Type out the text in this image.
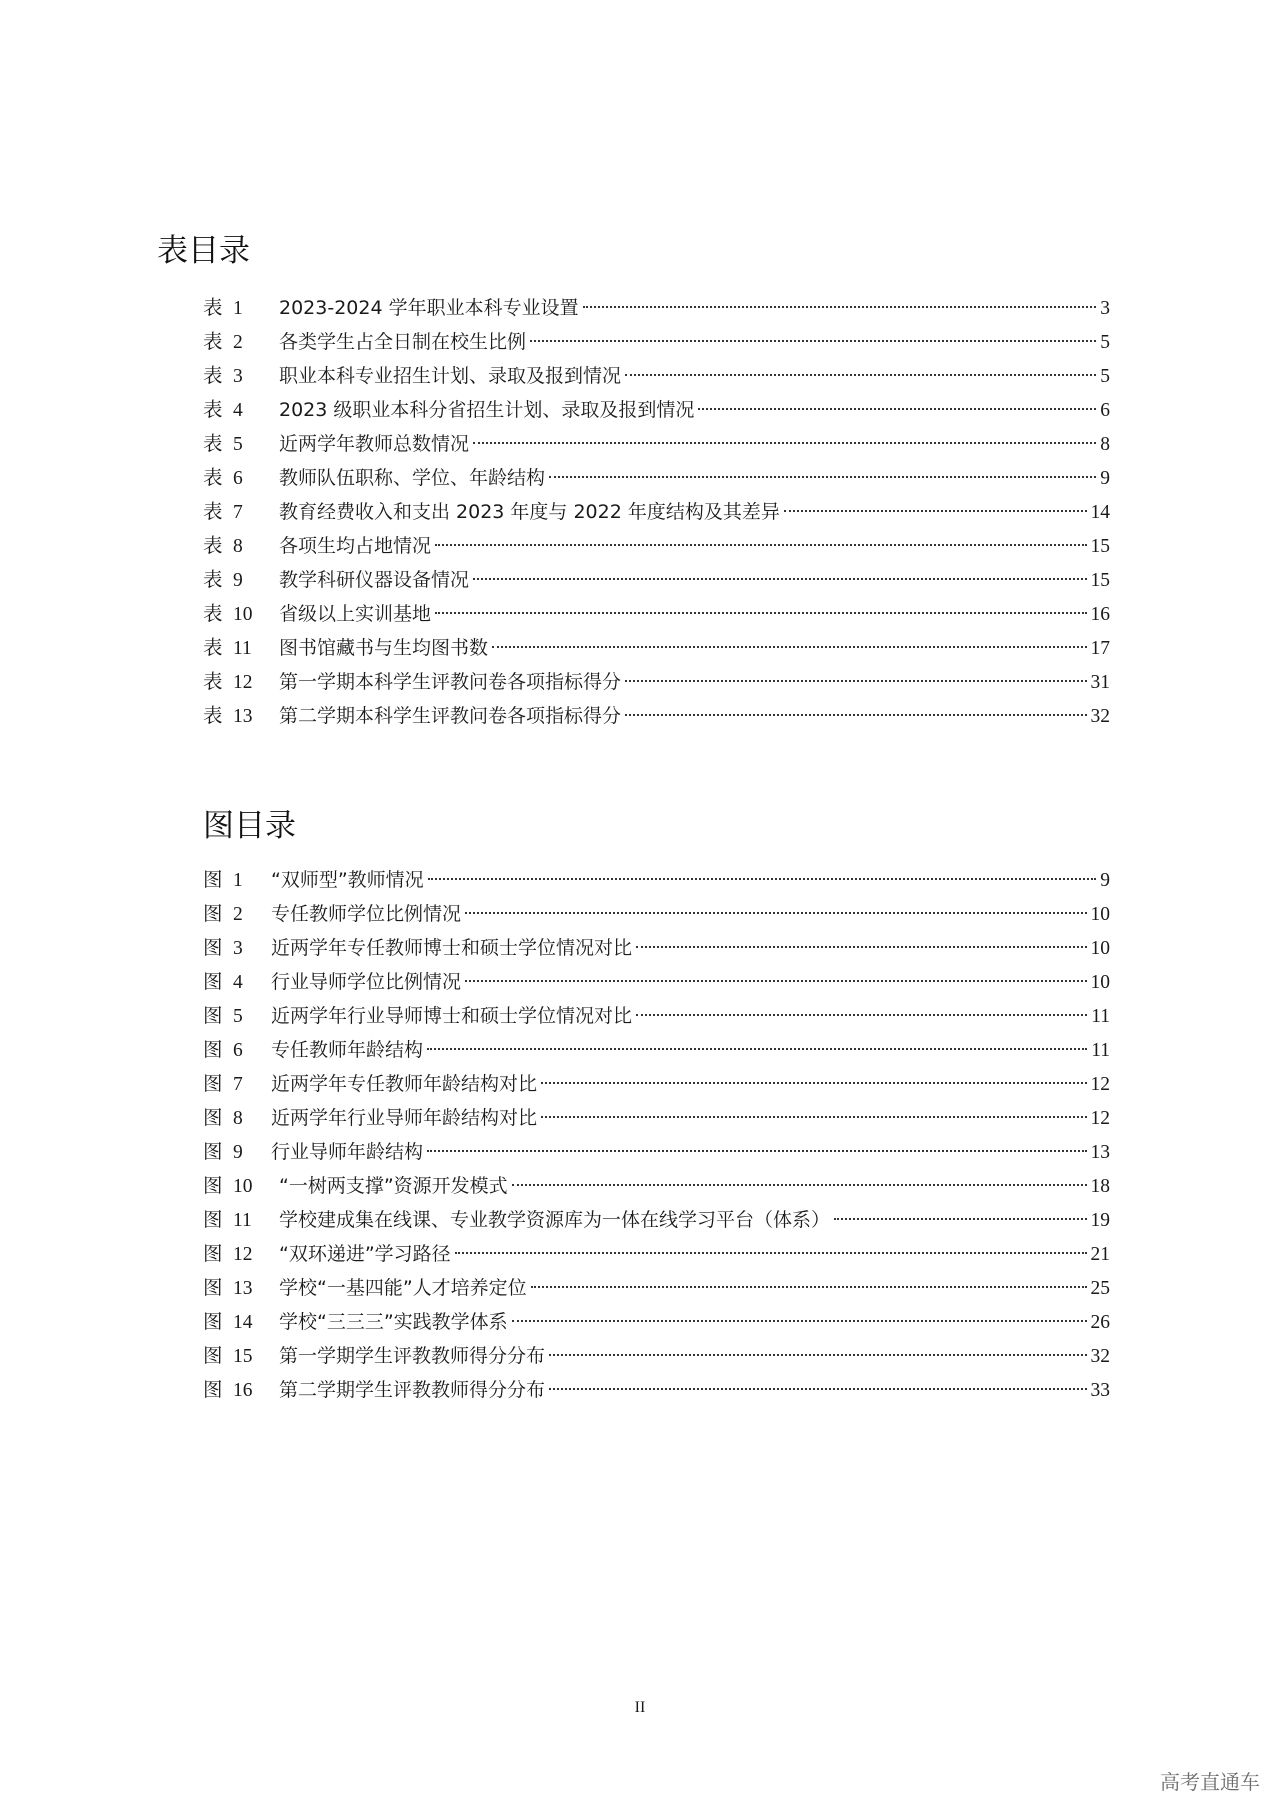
表目录
表 1	2023-2024 学年职业本科专业设置	3
表 2	各类学生占全日制在校生比例	5
表 3	职业本科专业招生计划、录取及报到情况	5
表 4	2023 级职业本科分省招生计划、录取及报到情况	6
表 5	近两学年教师总数情况	8
表 6	教师队伍职称、学位、年龄结构	9
表 7	教育经费收入和支出 2023 年度与 2022 年度结构及其差异	14
表 8	各项生均占地情况	15
表 9	教学科研仪器设备情况	15
表 10	省级以上实训基地	16
表 11	图书馆藏书与生均图书数	17
表 12	第一学期本科学生评教问卷各项指标得分	31
表 13	第二学期本科学生评教问卷各项指标得分	32
图目录
图 1	“双师型”教师情况	9
图 2	专任教师学位比例情况	10
图 3	近两学年专任教师博士和硕士学位情况对比	10
图 4	行业导师学位比例情况	10
图 5	近两学年行业导师博士和硕士学位情况对比	11
图 6	专任教师年龄结构	11
图 7	近两学年专任教师年龄结构对比	12
图 8	近两学年行业导师年龄结构对比	12
图 9	行业导师年龄结构	13
图 10	“一树两支撑”资源开发模式	18
图 11	学校建成集在线课、专业教学资源库为一体在线学习平台（体系）	19
图 12	“双环递进”学习路径	21
图 13	学校“一基四能”人才培养定位	25
图 14	学校“三三三”实践教学体系	26
图 15	第一学期学生评教教师得分分布	32
图 16	第二学期学生评教教师得分分布	33
II
高考直通车
